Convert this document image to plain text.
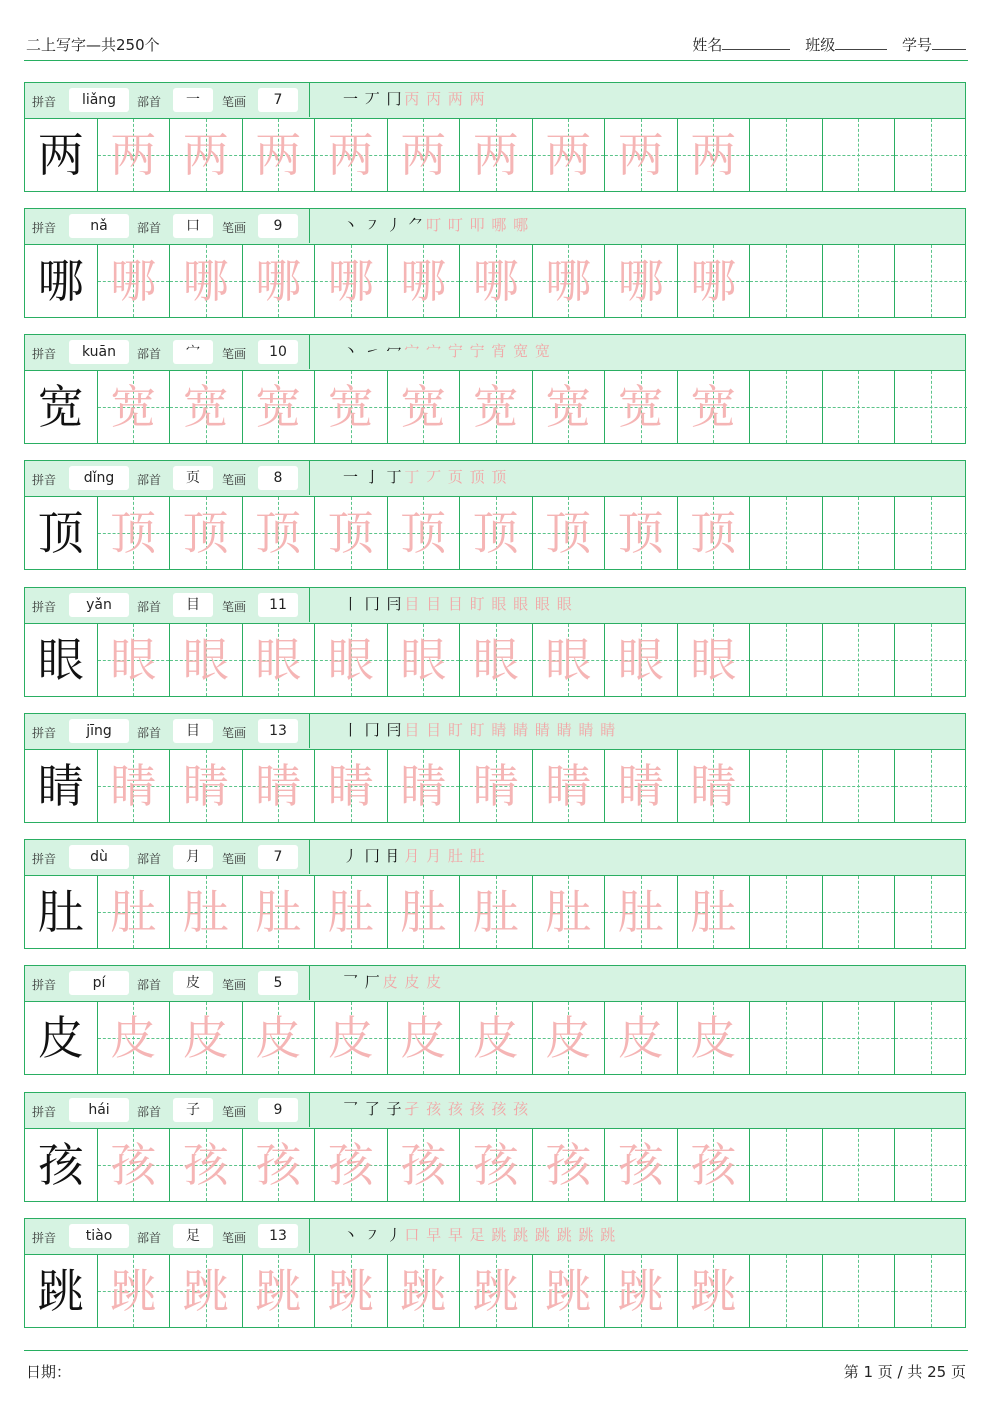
二上写字—共250个	姓名	班级	学号
拼音	liǎng	部首	一	笔画	7	一 丆 冂 丙 丙 两 两
两 两 两 两 两 两 两 两 两 两
拼音	nǎ	部首	口	笔画	9	丶 ㇇ 丿 ⺈ 叮 叮 叩 哪 哪
哪 哪 哪 哪 哪 哪 哪 哪 哪 哪
拼音	kuān	部首	宀	笔画	10	丶 ㇀ 冖 宀 宀 宁 宁 宵 宽 宽
宽 宽 宽 宽 宽 宽 宽 宽 宽 宽
拼音	dǐng	部首	页	笔画	8	一 亅 丁 丁 丆 页 顶 顶
顶 顶 顶 顶 顶 顶 顶 顶 顶 顶
拼音	yǎn	部首	目	笔画	11	丨 冂 冃 目 目 目 盯 眼 眼 眼 眼
眼 眼 眼 眼 眼 眼 眼 眼 眼 眼
拼音	jīng	部首	目	笔画	13	丨 冂 冃 目 目 盯 盯 睛 睛 睛 睛 睛 睛
睛 睛 睛 睛 睛 睛 睛 睛 睛 睛
拼音	dù	部首	月	笔画	7	丿 冂 ⺝ 月 月 肚 肚
肚 肚 肚 肚 肚 肚 肚 肚 肚 肚
拼音	pí	部首	皮	笔画	5	乛 厂 皮 皮 皮
皮 皮 皮 皮 皮 皮 皮 皮 皮 皮
拼音	hái	部首	子	笔画	9	乛 了 子 孑 孩 孩 孩 孩 孩
孩 孩 孩 孩 孩 孩 孩 孩 孩 孩
拼音	tiào	部首	足	笔画	13	丶 ㇇ 丿 口 早 早 足 跳 跳 跳 跳 跳 跳
跳 跳 跳 跳 跳 跳 跳 跳 跳 跳
日期：	第 1 页 / 共 25 页
